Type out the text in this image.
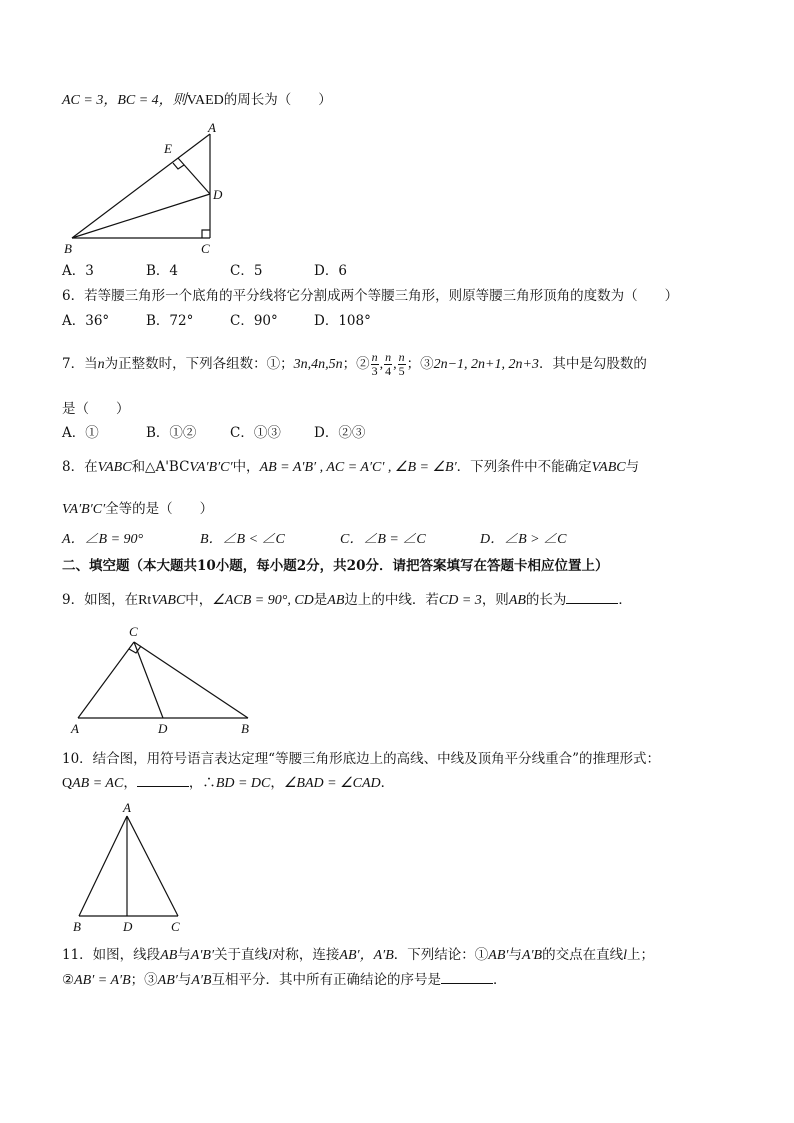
AC = 3，BC = 4，则VAED的周长为（　　）
A
E
D
B	C
A．3	B．4	C．5	D．6
6．若等腰三角形一个底角的平分线将它分割成两个等腰三角形，则原等腰三角形顶角的度数为（　　）
A．36°	B．72°	C．90°	D．108°
7．当n为正整数时，下列各组数：①；3n,4n,5n；② $\frac{n}{3}$ , $\frac{n}{4}$ , $\frac{n}{5}$ ；③2n−1, 2n+1, 2n+3．其中是勾股数的
是（　　）
A．①	B．①② C．①③ D．②③
8．在VABC和△A'BCVA′B′C′中，AB = A′B′ , AC = A′C′ , ∠B = ∠B′．下列条件中不能确定VABC与
VA′B′C′全等的是（　　）
A．∠B = 90°	B．∠B < ∠C	C．∠B = ∠C	D．∠B > ∠C
二、填空题（本大题共10小题，每小题2分，共20分．请把答案填写在答题卡相应位置上）
9．如图，在RtVABC中，∠ACB = 90°, CD是AB边上的中线．若CD = 3，则AB的长为	．
C
A	D	B
10．结合图，用符号语言表达定理“等腰三角形底边上的高线、中线及顶角平分线重合”的推理形式：
QAB = AC，	，∴BD = DC，∠BAD = ∠CAD．
A
B	D	C
11．如图，线段AB与A′B′关于直线l对称，连接AB′，A′B．下列结论：①AB′与A′B的交点在直线l上；
②AB′ = A′B；③AB′与A′B互相平分．其中所有正确结论的序号是	．
